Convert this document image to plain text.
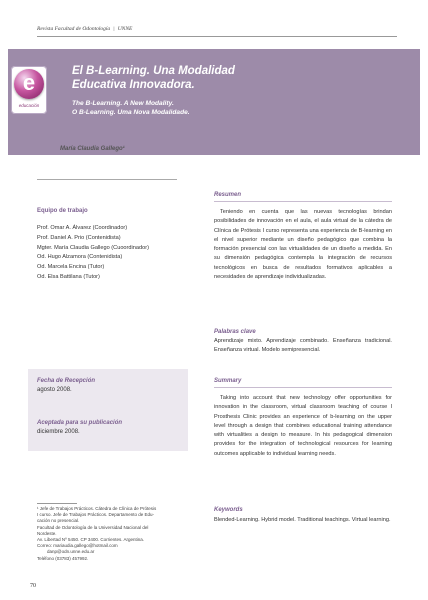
Revista Facultad de Odontología | UNNE
e
educación
El B-Learning. Una Modalidad
Educativa Innovadora.
The B-Learning. A New Modality.
O B-Learning. Uma Nova Modalidade.
María Claudia Gallego¹
Equipo de trabajo
Prof. Omar A. Álvarez (Coordinador)
Prof. Daniel A. Prio (Contenidista)
Mgter. María Claudia Gallego (Cuoordinador)
Od. Hugo Alzamora (Contenidista)
Od. Marcela Encina (Tutor)
Od. Elsa Battilana (Tutor)
Fecha de Recepción
agosto 2008.
Aceptada para su publicación
diciembre 2008.
¹ Jefe de Trabajos Prácticos. Cátedra de Clínica de Prótesis
I curso. Jefe de Trabajos Prácticos. Departamento de Edu-
cación no presencial.
Facultad de Odontología de la Universidad Nacional del
Nordeste.
Av. Libertad Nº 5450. CP 3400. Corrientes. Argentina.
Correo: mariaudia.gallego@hotmail.com
danp@odn.unne.edu.ar
Teléfono (03783) 457992.
70
Resumen
Teniendo en cuenta que las nuevas tecnologías brindan posibilidades de innovación en el aula, el aula virtual de la cátedra de Clínica de Prótesis I curso representa una experiencia de B-learning en el nivel superior mediante un diseño pedagógico que combina la formación presencial con las virtualidades de un diseño a medida. En su dimensión pedagógica contempla la integración de recursos tecnológicos en busca de resultados formativos aplicables a necesidades de aprendizaje individualizadas.
Palabras clave
Aprendizaje mixto. Aprendizaje combinado. Enseñanza tradicional. Enseñanza virtual. Modelo semipresencial.
Summary
Taking into account that new technology offer opportunities for innovation in the classroom, virtual classroom teaching of course I Prosthesis Clinic provides an experience of b-learning on the upper level through a design that combines educational training attendance with virtualities a design to measure. In his pedagogical dimension provides for the integration of technological resources for learning outcomes applicable to individual learning needs.
Keywords
Blended-Learning. Hybrid model. Traditional teachings. Virtual learning.
